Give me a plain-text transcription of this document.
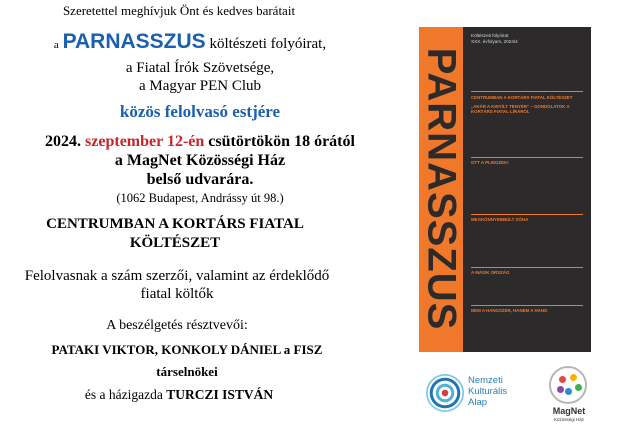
Szeretettel meghívjuk Önt és kedves barátait
a PARNASSZUS költészeti folyóirat,
a Fiatal Írók Szövetsége,
a Magyar PEN Club
közös felolvasó estjére
2024. szeptember 12-én csütörtökön 18 órától
a MagNet Közösségi Ház
belső udvarára.
(1062 Budapest, Andrássy út 98.)
CENTRUMBAN A KORTÁRS FIATAL
KÖLTÉSZET
Felolvasnak a szám szerzői, valamint az érdeklődő
fiatal költők
A beszélgetés résztvevői:
PATAKI VIKTOR, KONKOLY DÁNIEL a FISZ
társelnökei
és a házigazda TURCZI ISTVÁN
PARNASSZUS
Költészeti folyóirat
XXX. évfolyam, 2024/4
CENTRUMBAN A KORTÁRS FIATAL KÖLTÉSZET
„AKÁR A KINYÍLT TENYÉR” – GONDOLATOK A KORTÁRS FIATAL LÍRÁRÓL
OTT A PLINGZEK!
MEGKÖNNYEBBÜLT SÓHA
A MÁSIK ORSZÁG
NEM A HANGSZER, HANEM A HANG
Nemzeti
Kulturális
Alap
MagNet
Közösségi Ház
